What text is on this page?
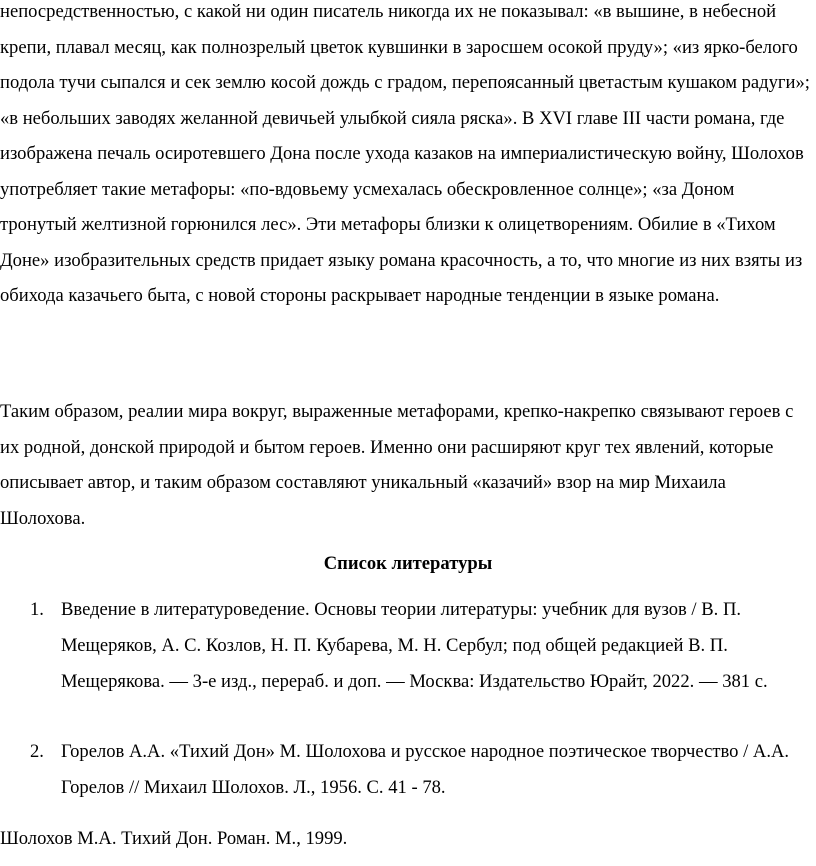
непосредственностью, с какой ни один писатель никогда их не показывал: «в вышине, в небесной крепи, плавал месяц, как полнозрелый цветок кувшинки в заросшем осокой пруду»; «из ярко-белого подола тучи сыпался и сек землю косой дождь с градом, перепоясанный цветастым кушаком радуги»; «в небольших заводях желанной девичьей улыбкой сияла ряска». В XVI главе III части романа, где изображена печаль осиротевшего Дона после ухода казаков на империалистическую войну, Шолохов употребляет такие метафоры: «по-вдовьему усмехалась обескровленное солнце»; «за Доном тронутый желтизной горюнился лес». Эти метафоры близки к олицетворениям. Обилие в «Тихом Доне» изобразительных средств придает языку романа красочность, а то, что многие из них взяты из обихода казачьего быта, с новой стороны раскрывает народные тенденции в языке романа.

Таким образом, реалии мира вокруг, выраженные метафорами, крепко-накрепко связывают героев с их родной, донской природой и бытом героев. Именно они расширяют круг тех явлений, которые описывает автор, и таким образом составляют уникальный «казачий» взор на мир Михаила Шолохова.

Список литературы

1. Введение в литературоведение. Основы теории литературы: учебник для вузов / В. П. Мещеряков, А. С. Козлов, Н. П. Кубарева, М. Н. Сербул; под общей редакцией В. П. Мещерякова. — 3-е изд., перераб. и доп. — Москва: Издательство Юрайт, 2022. — 381 с.

2. Горелов А.А. «Тихий Дон» М. Шолохова и русское народное поэтическое творчество / А.А. Горелов // Михаил Шолохов. Л., 1956. С. 41 - 78.

Шолохов М.А. Тихий Дон. Роман. М., 1999.
